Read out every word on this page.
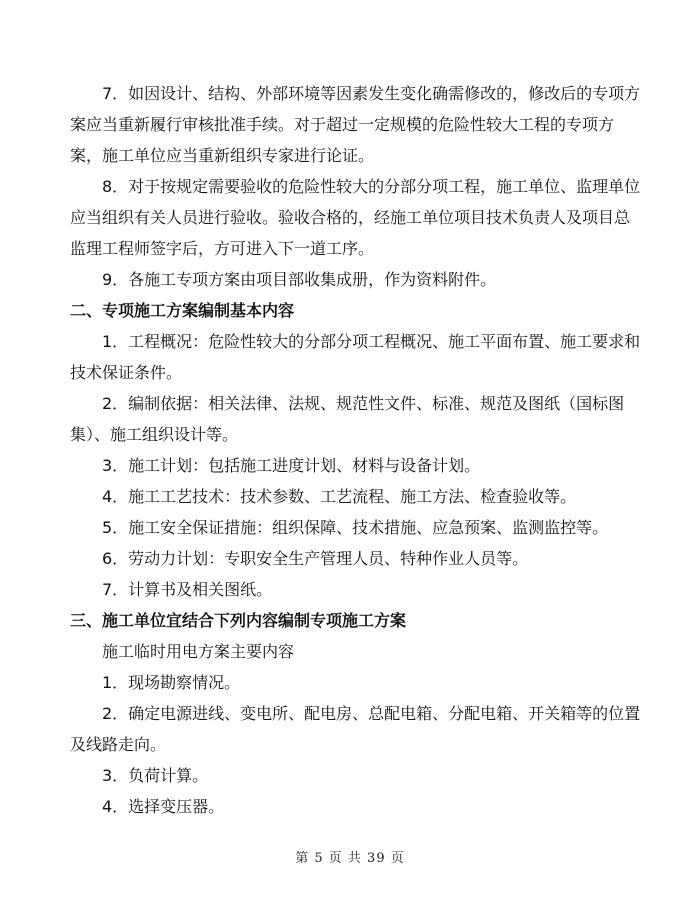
7．如因设计、结构、外部环境等因素发生变化确需修改的，修改后的专项方案应当重新履行审核批准手续。对于超过一定规模的危险性较大工程的专项方案，施工单位应当重新组织专家进行论证。

8．对于按规定需要验收的危险性较大的分部分项工程，施工单位、监理单位应当组织有关人员进行验收。验收合格的，经施工单位项目技术负责人及项目总监理工程师签字后，方可进入下一道工序。

9．各施工专项方案由项目部收集成册，作为资料附件。

二、专项施工方案编制基本内容

1．工程概况：危险性较大的分部分项工程概况、施工平面布置、施工要求和技术保证条件。

2．编制依据：相关法律、法规、规范性文件、标准、规范及图纸（国标图集）、施工组织设计等。

3．施工计划：包括施工进度计划、材料与设备计划。

4．施工工艺技术：技术参数、工艺流程、施工方法、检查验收等。

5．施工安全保证措施：组织保障、技术措施、应急预案、监测监控等。

6．劳动力计划：专职安全生产管理人员、特种作业人员等。

7．计算书及相关图纸。

三、施工单位宜结合下列内容编制专项施工方案

施工临时用电方案主要内容

1．现场勘察情况。

2．确定电源进线、变电所、配电房、总配电箱、分配电箱、开关箱等的位置及线路走向。

3．负荷计算。

4．选择变压器。

第 5 页 共 39 页
